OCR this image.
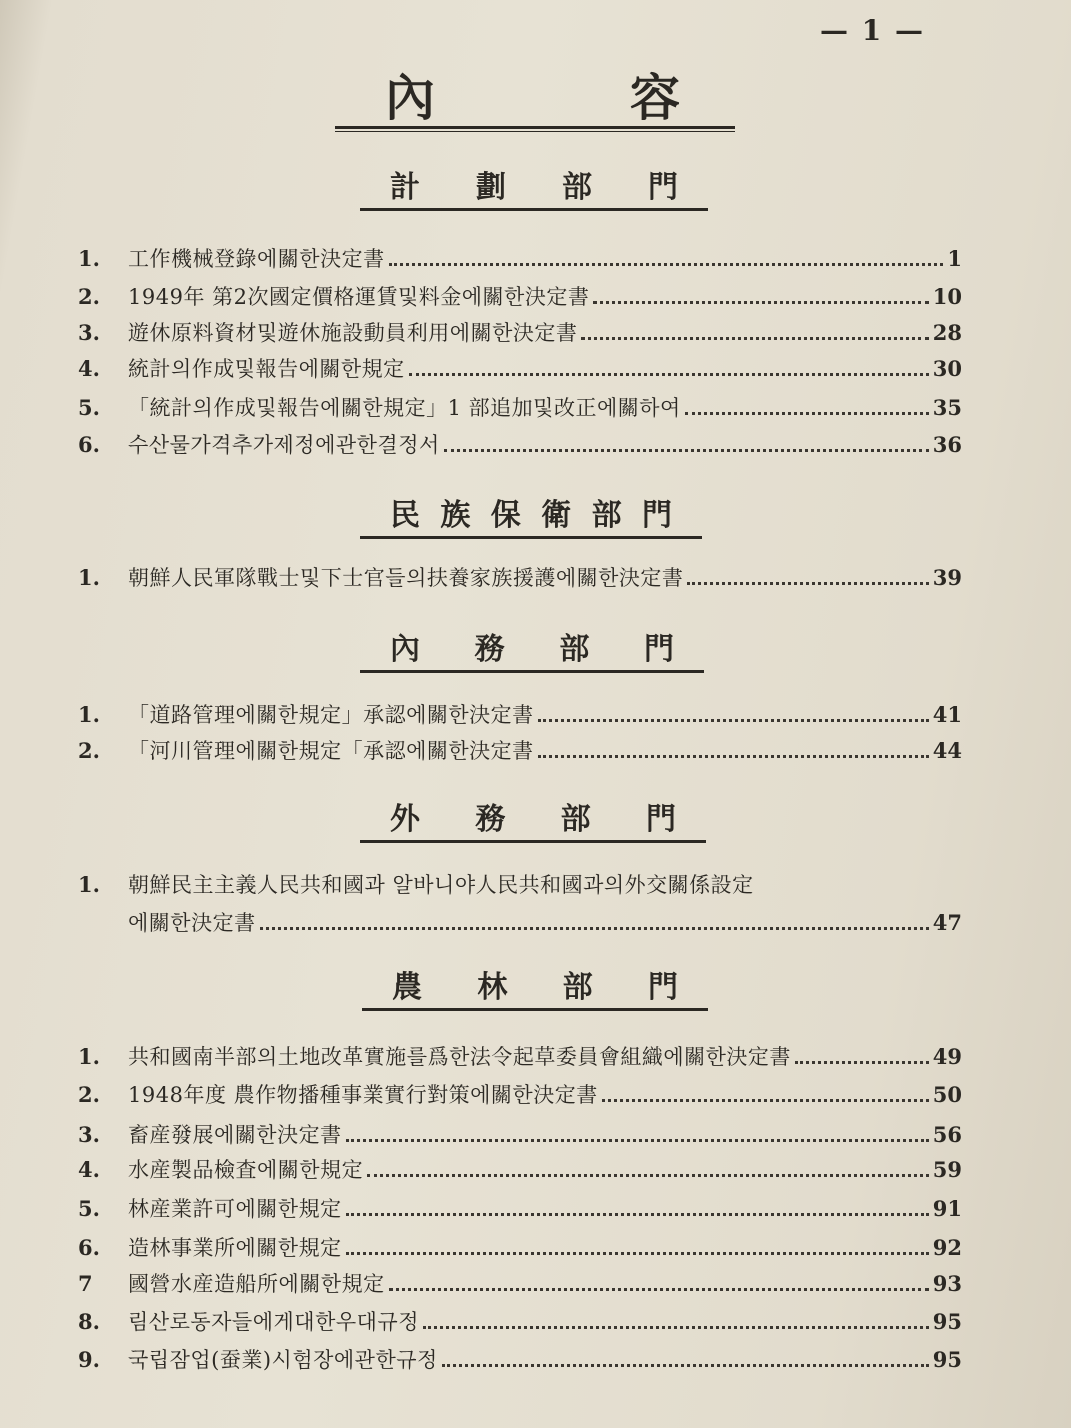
— 1 —
內	容
計 劃 部 門
1.	工作機械登錄에關한決定書	1
2.	1949年 第2次國定價格運賃및料金에關한決定書	10
3.	遊休原料資材및遊休施設動員利用에關한決定書	28
4.	統計의作成및報告에關한規定	30
5.	「統計의作成및報告에關한規定」1 部追加및改正에關하여	35
6.	수산물가격추가제정에관한결정서	36
民 族 保 衛 部 門
1.	朝鮮人民軍隊戰士및下士官들의扶養家族援護에關한決定書	39
內 務 部 門
1.	「道路管理에關한規定」承認에關한決定書	41
2.	「河川管理에關한規定「承認에關한決定書	44
外 務 部 門
1.	朝鮮民主主義人民共和國과 알바니야人民共和國과의外交關係設定
에關한決定書	47
農 林 部 門
1.	共和國南半部의土地改革實施를爲한法令起草委員會組織에關한決定書	49
2.	1948年度 農作物播種事業實行對策에關한決定書	50
3.	畜産發展에關한決定書	56
4.	水産製品檢査에關한規定	59
5.	林産業許可에關한規定	91
6.	造林事業所에關한規定	92
7	國營水産造船所에關한規定	93
8.	림산로동자들에게대한우대규정	95
9.	국립잠업(蚕業)시험장에관한규정	95
